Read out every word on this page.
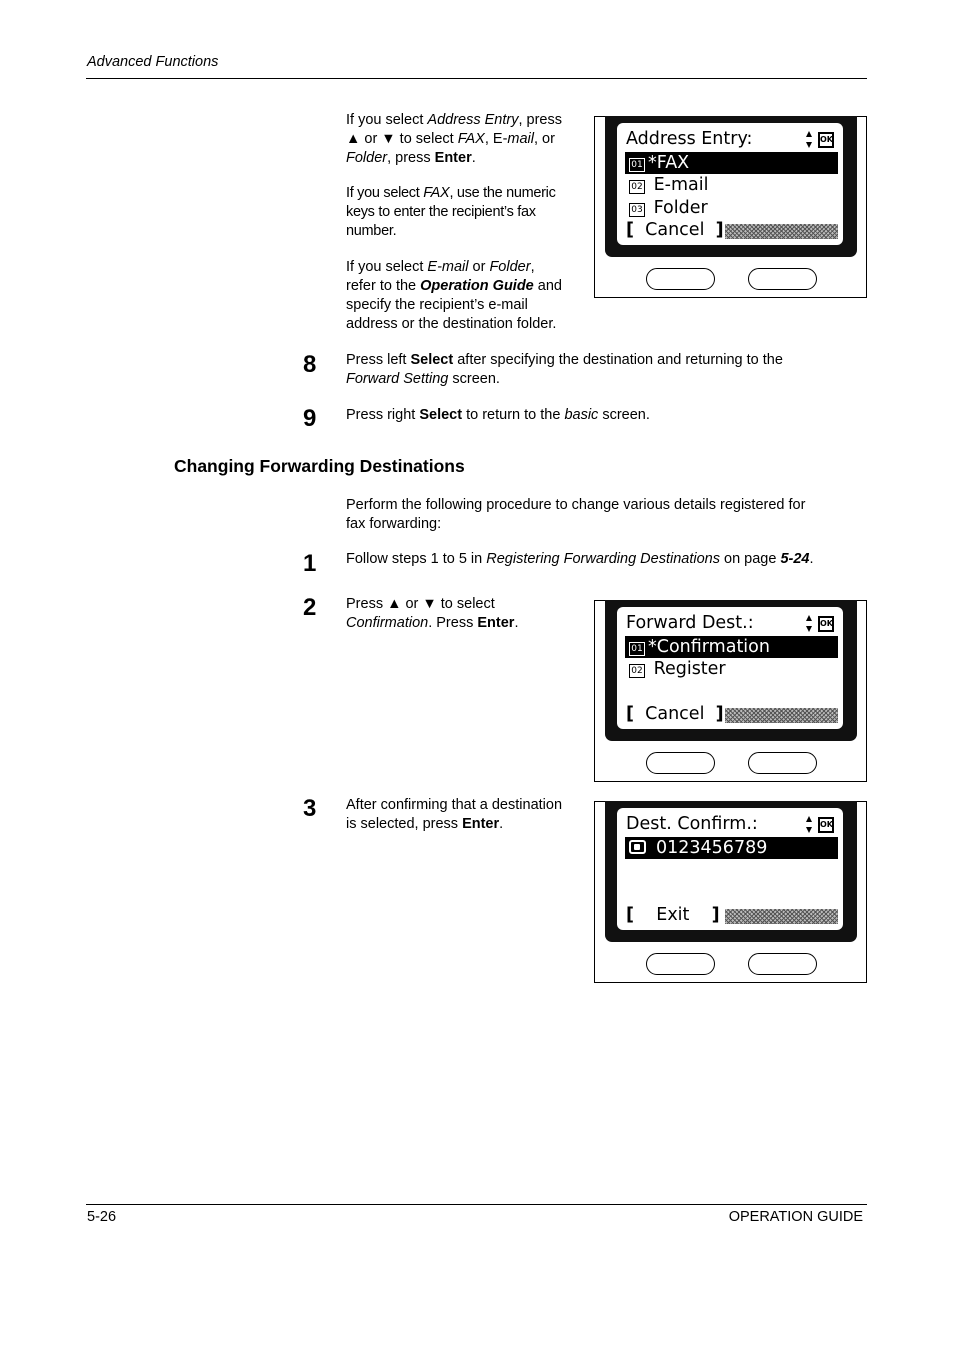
Advanced Functions
If you select Address Entry, press
▲ or ▼ to select FAX, E-mail, or
Folder, press Enter.
If you select FAX, use the numeric
keys to enter the recipient’s fax
number.
If you select E-mail or Folder,
refer to the Operation Guide and
specify the recipient’s e-mail
address or the destination folder.
Address Entry:	OK
01 *FAX
02 E-mail
03 Folder
[ Cancel ]
8 Press left Select after specifying the destination and returning to the
Forward Setting screen.
9 Press right Select to return to the basic screen.
Changing Forwarding Destinations
Perform the following procedure to change various details registered for
fax forwarding:
1 Follow steps 1 to 5 in Registering Forwarding Destinations on page 5-24.
2 Press ▲ or ▼ to select
Confirmation. Press Enter.	Forward Dest.:	OK
01 *Confirmation
02 Register
[ Cancel ]
3 After confirming that a destination
is selected, press Enter.	Dest. Confirm.:	OK
0123456789
[ Exit ]
5-26	OPERATION GUIDE
